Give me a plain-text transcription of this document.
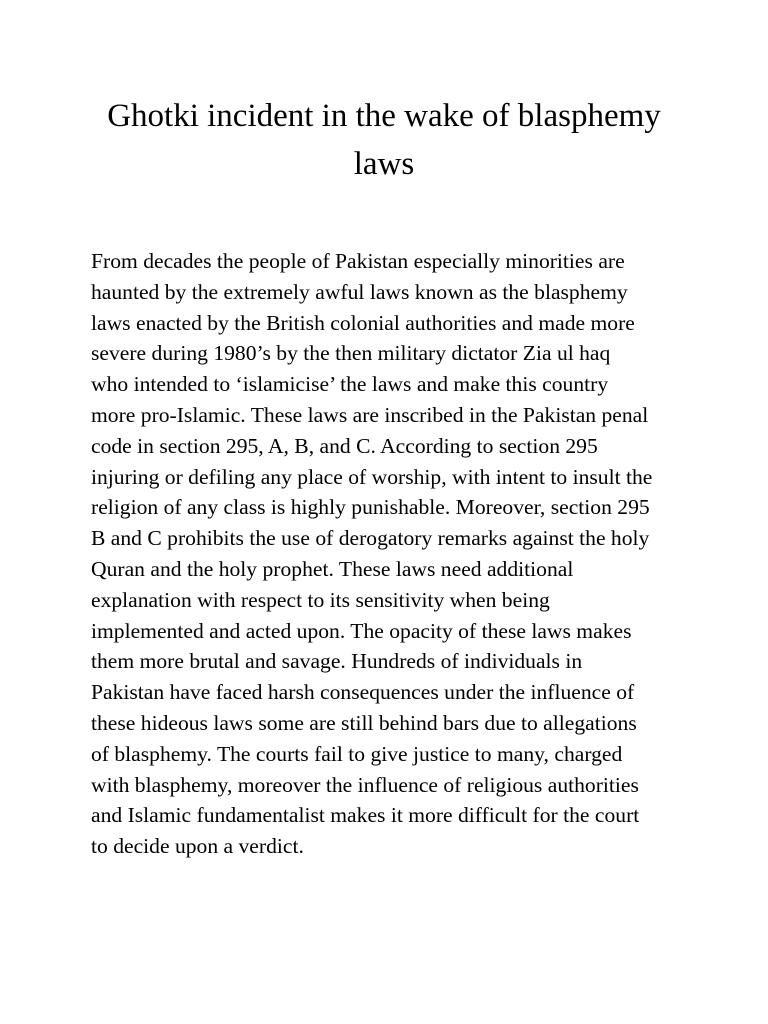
Ghotki incident in the wake of blasphemy
laws

From decades the people of Pakistan especially minorities are
haunted by the extremely awful laws known as the blasphemy
laws enacted by the British colonial authorities and made more
severe during 1980’s by the then military dictator Zia ul haq
who intended to ‘islamicise’ the laws and make this country
more pro-Islamic. These laws are inscribed in the Pakistan penal
code in section 295, A, B, and C. According to section 295
injuring or defiling any place of worship, with intent to insult the
religion of any class is highly punishable. Moreover, section 295
B and C prohibits the use of derogatory remarks against the holy
Quran and the holy prophet. These laws need additional
explanation with respect to its sensitivity when being
implemented and acted upon. The opacity of these laws makes
them more brutal and savage. Hundreds of individuals in
Pakistan have faced harsh consequences under the influence of
these hideous laws some are still behind bars due to allegations
of blasphemy. The courts fail to give justice to many, charged
with blasphemy, moreover the influence of religious authorities
and Islamic fundamentalist makes it more difficult for the court
to decide upon a verdict.
